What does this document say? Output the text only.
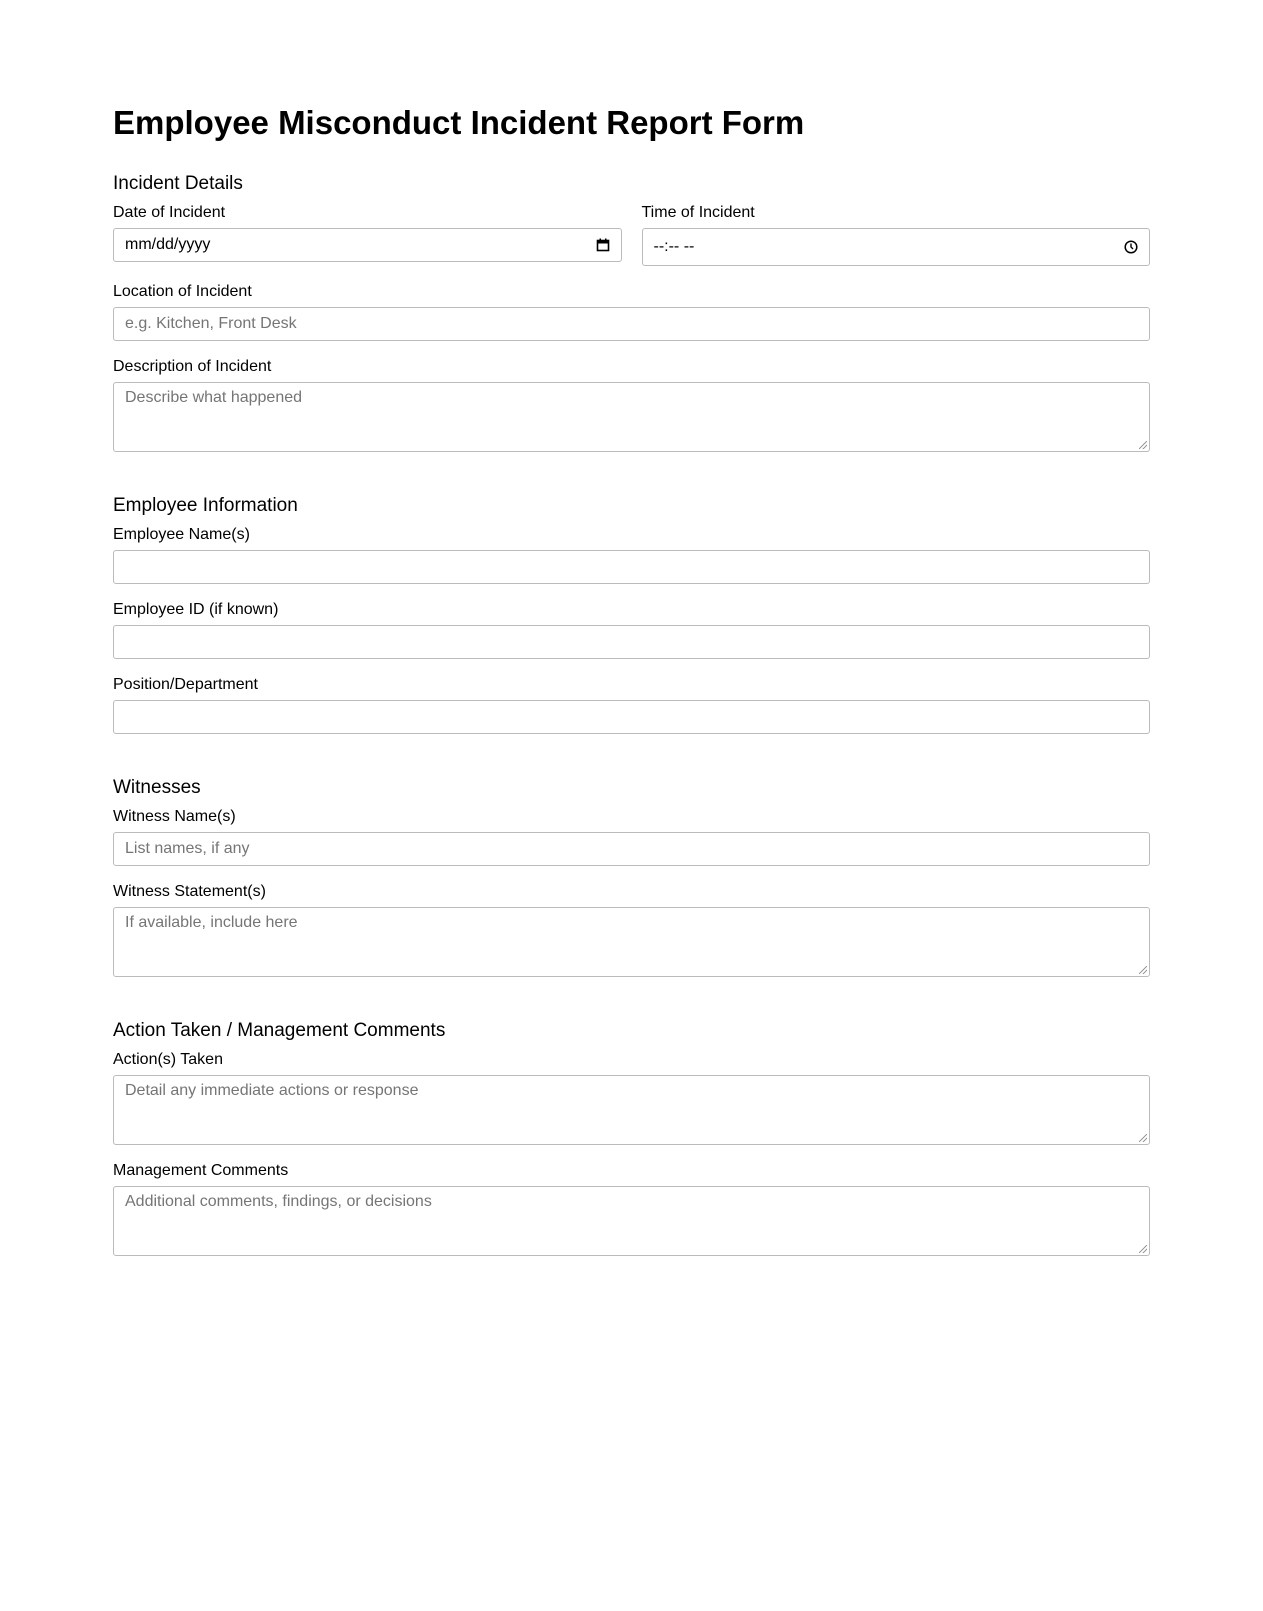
Employee Misconduct Incident Report Form
Incident Details
Date of Incident
mm/dd/yyyy
Time of Incident
--:-- --
Location of Incident
e.g. Kitchen, Front Desk
Description of Incident
Describe what happened
Employee Information
Employee Name(s)
Employee ID (if known)
Position/Department
Witnesses
Witness Name(s)
List names, if any
Witness Statement(s)
If available, include here
Action Taken / Management Comments
Action(s) Taken
Detail any immediate actions or response
Management Comments
Additional comments, findings, or decisions
